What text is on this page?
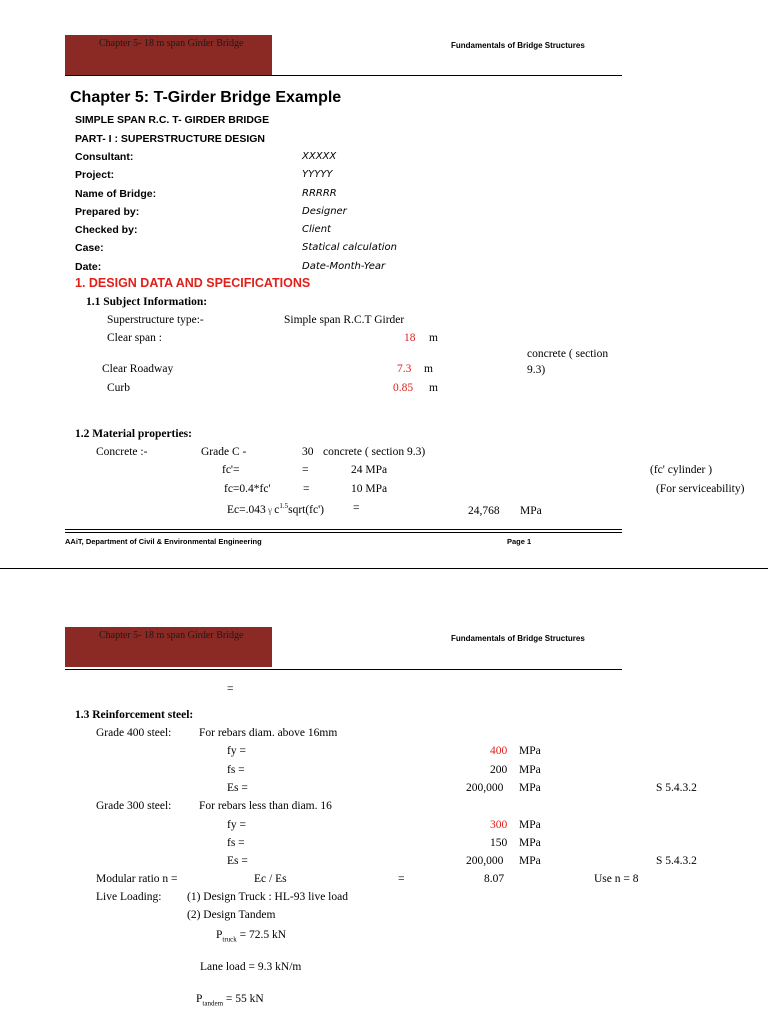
Chapter 5- 18 m span Girder Bridge	Fundamentals of Bridge Structures
Chapter 5: T-Girder Bridge Example
SIMPLE SPAN R.C. T- GIRDER BRIDGE
PART- I : SUPERSTRUCTURE DESIGN
Consultant:	XXXXX
Project:	YYYYY
Name of Bridge:	RRRRR
Prepared by:	Designer
Checked by:	Client
Case:	Statical calculation
Date:	Date-Month-Year
1. DESIGN DATA AND SPECIFICATIONS
1.1 Subject Information:
Superstructure type:-	Simple span R.C.T Girder
Clear span :	18 m
concrete ( section
9.3)
Clear Roadway	7.3 m
Curb	0.85 m
1.2 Material properties:
Concrete :-	Grade C -	30 concrete ( section 9.3)
fc'=	=	24 MPa	(fc' cylinder )
fc=0.4*fc'	=	10 MPa	(For serviceability)
Ec=.043 γ $c^{1.5}sqrt(fc')$	=	24,768 MPa
AAiT, Department of Civil & Environmental Engineering	Page 1
Chapter 5- 18 m span Girder Bridge	Fundamentals of Bridge Structures
=
1.3 Reinforcement steel:
Grade 400 steel: For rebars diam. above 16mm
fy =	400 MPa
fs =	200 MPa
Es =	200,000 MPa	S 5.4.3.2
Grade 300 steel: For rebars less than diam. 16
fy =	300 MPa
fs =	150 MPa
Es =	200,000 MPa	S 5.4.3.2
Modular ratio n =	Ec / Es	=	8.07	Use n = 8
Live Loading: (1) Design Truck : HL-93 live load
(2) Design Tandem
$P_{truck} = 72.5$ kN
Lane load = 9.3 kN/m
$P_{tandem} = 55$ kN
